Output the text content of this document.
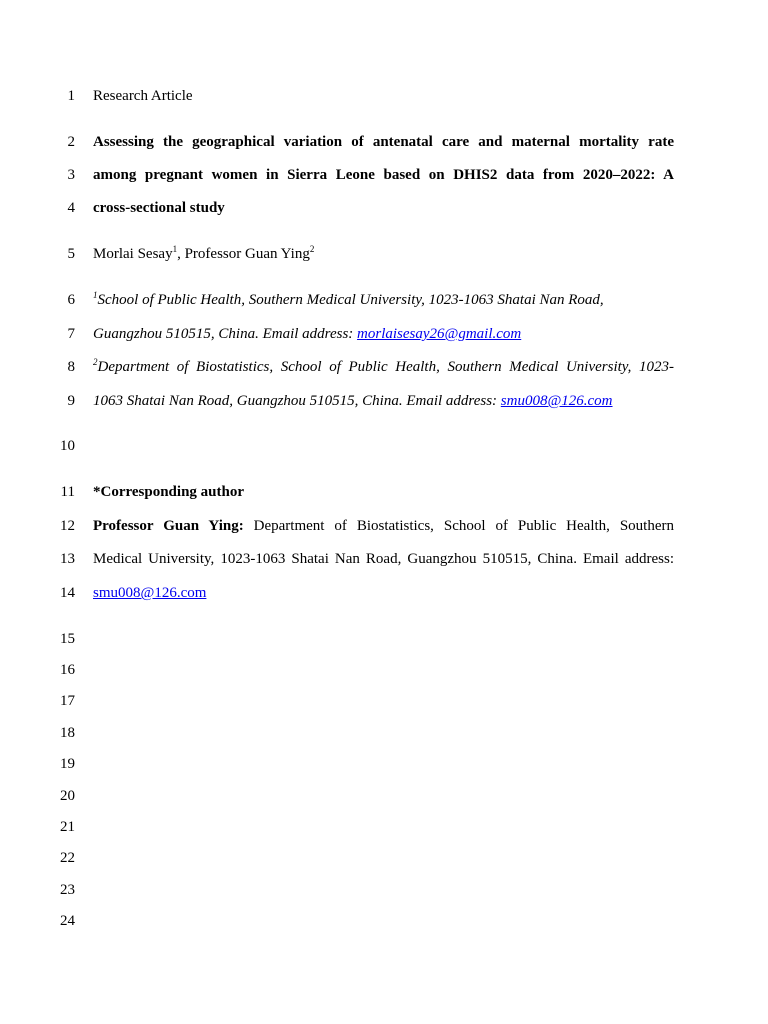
1
2
3
4
5
6
7
8
9
10
11
12
13
14
15
16
17
18
19
20
21
22
23
24
Research Article
Assessing the geographical variation of antenatal care and maternal mortality rate
among pregnant women in Sierra Leone based on DHIS2 data from 2020–2022: A
cross-sectional study
Morlai Sesay$^1$, Professor Guan Ying$^2$
$^1$School of Public Health, Southern Medical University, 1023-1063 Shatai Nan Road,
Guangzhou 510515, China. Email address: morlaisesay26@gmail.com
$^2$Department of Biostatistics, School of Public Health, Southern Medical University, 1023-
1063 Shatai Nan Road, Guangzhou 510515, China. Email address: smu008@126.com
*Corresponding author
Professor Guan Ying: Department of Biostatistics, School of Public Health, Southern
Medical University, 1023-1063 Shatai Nan Road, Guangzhou 510515, China. Email address:
smu008@126.com
